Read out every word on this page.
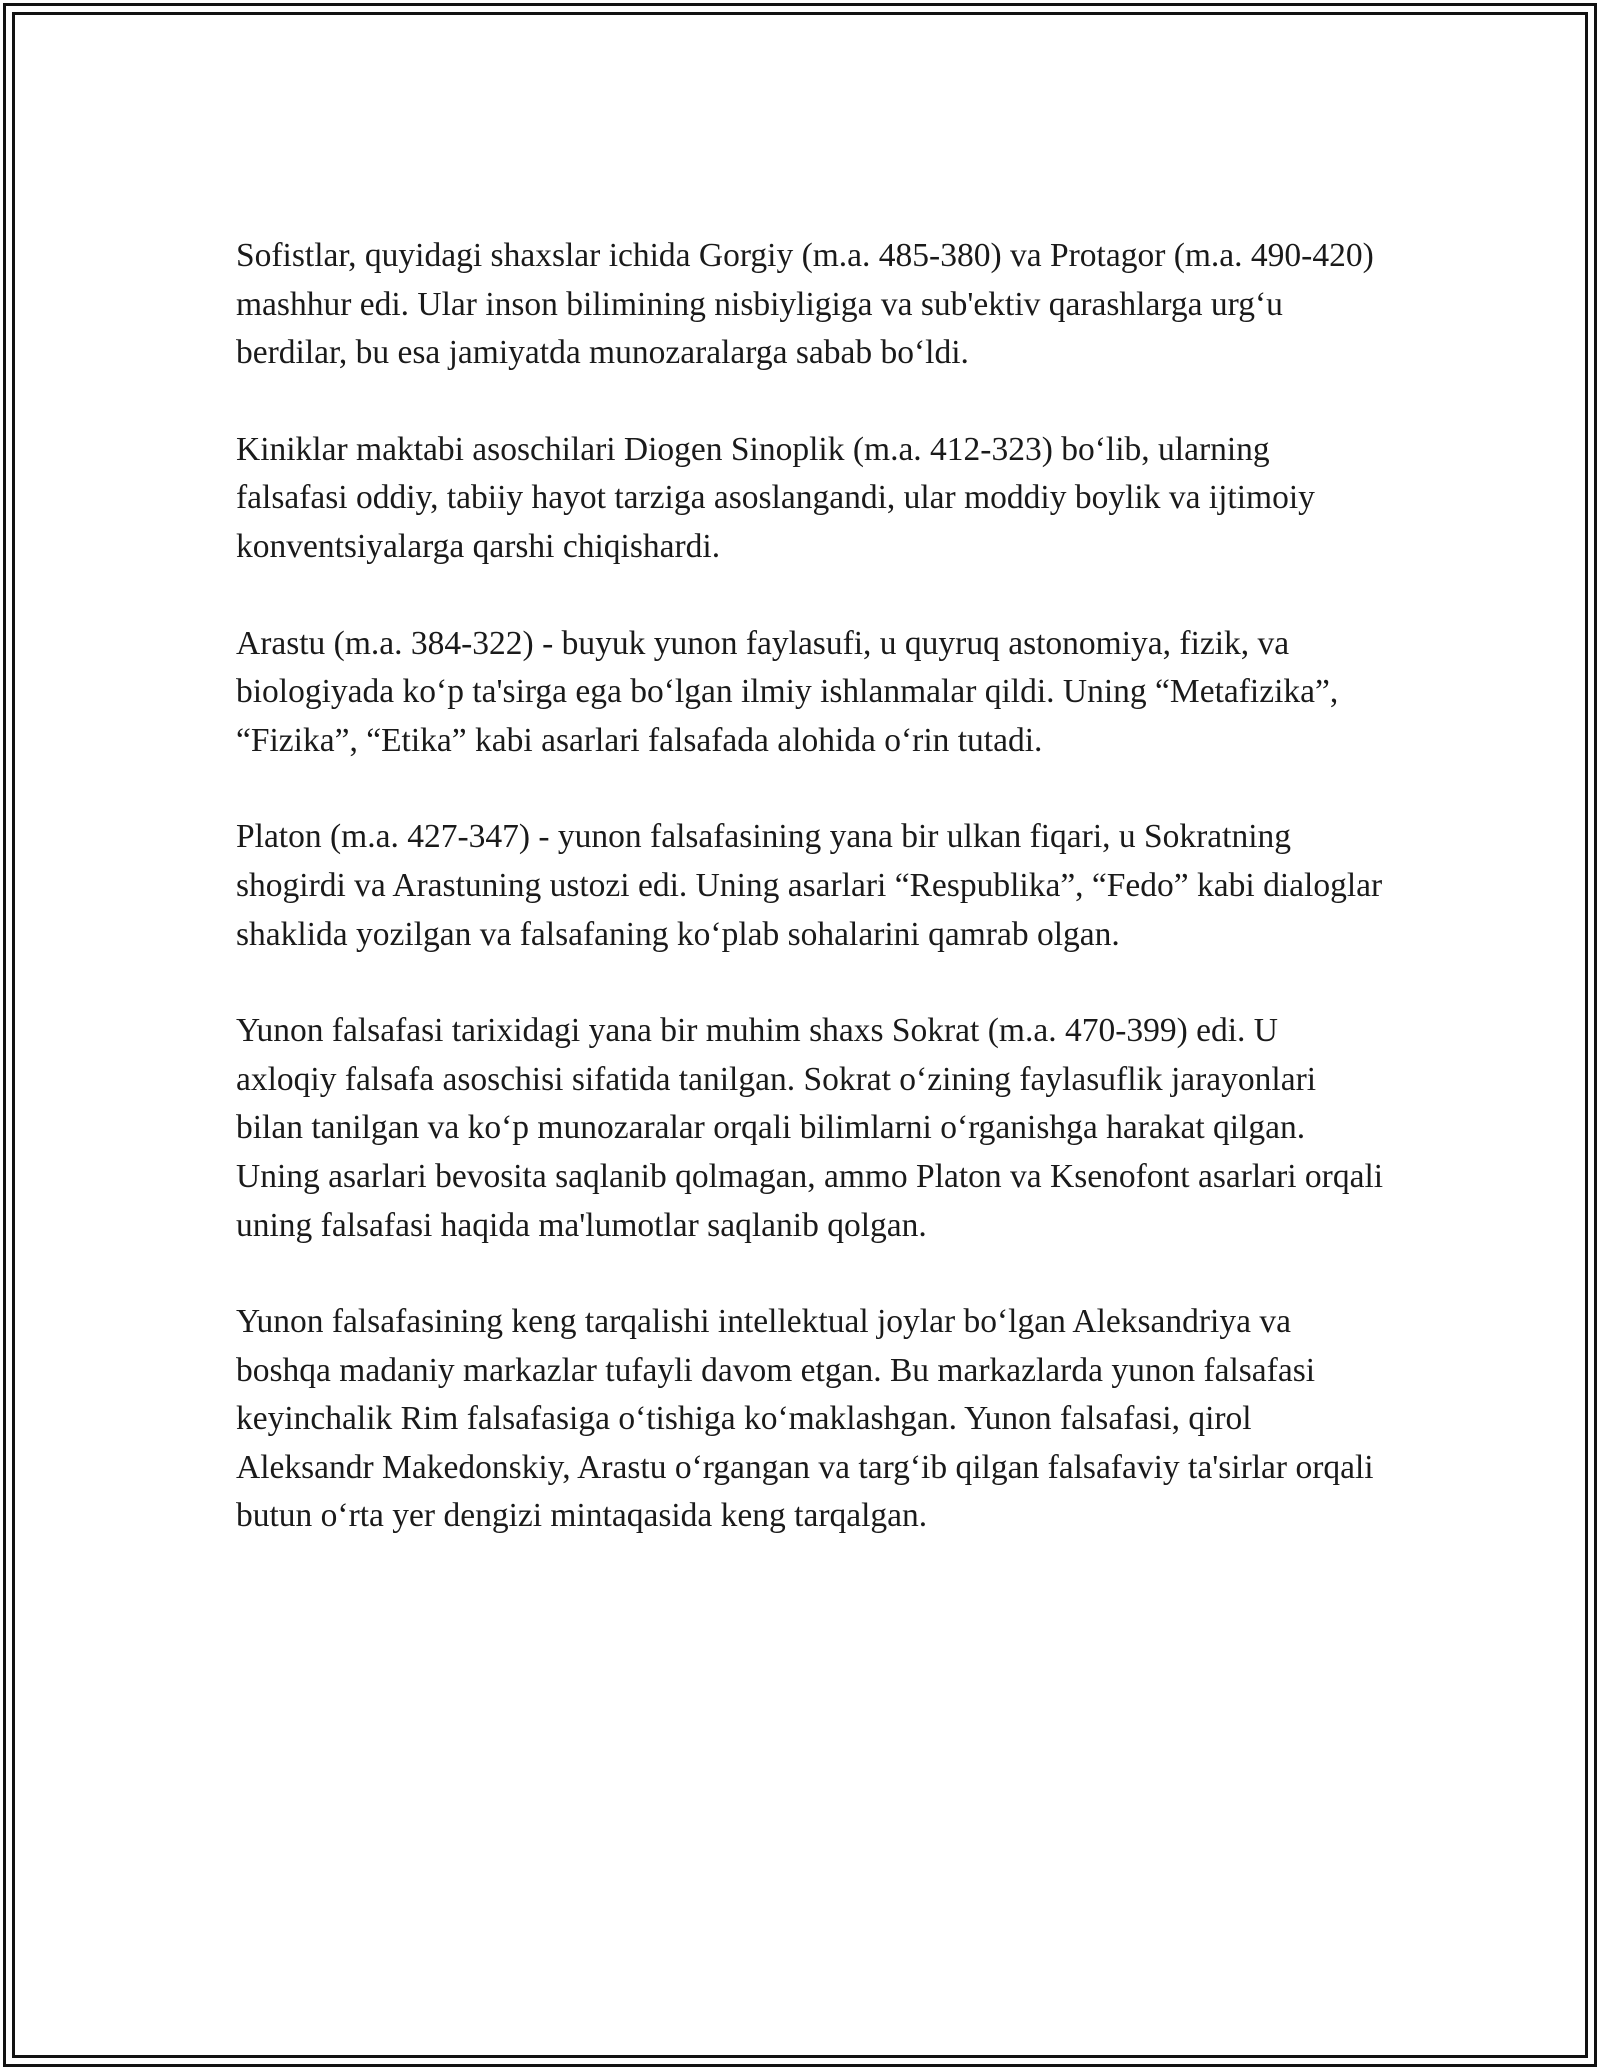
Sofistlar, quyidagi shaxslar ichida Gorgiy (m.a. 485-380) va Protagor (m.a. 490-420) mashhur edi. Ular inson bilimining nisbiyligiga va sub'ektiv qarashlarga urg‘u berdilar, bu esa jamiyatda munozaralarga sabab bo‘ldi.

Kiniklar maktabi asoschilari Diogen Sinoplik (m.a. 412-323) bo‘lib, ularning falsafasi oddiy, tabiiy hayot tarziga asoslangandi, ular moddiy boylik va ijtimoiy konventsiyalarga qarshi chiqishardi.

Arastu (m.a. 384-322) - buyuk yunon faylasufi, u quyruq astonomiya, fizik, va biologiyada ko‘p ta'sirga ega bo‘lgan ilmiy ishlanmalar qildi. Uning “Metafizika”, “Fizika”, “Etika” kabi asarlari falsafada alohida o‘rin tutadi.

Platon (m.a. 427-347) - yunon falsafasining yana bir ulkan fiqari, u Sokratning shogirdi va Arastuning ustozi edi. Uning asarlari “Respublika”, “Fedo” kabi dialoglar shaklida yozilgan va falsafaning ko‘plab sohalarini qamrab olgan.

Yunon falsafasi tarixidagi yana bir muhim shaxs Sokrat (m.a. 470-399) edi. U axloqiy falsafa asoschisi sifatida tanilgan. Sokrat o‘zining faylasuflik jarayonlari bilan tanilgan va ko‘p munozaralar orqali bilimlarni o‘rganishga harakat qilgan. Uning asarlari bevosita saqlanib qolmagan, ammo Platon va Ksenofont asarlari orqali uning falsafasi haqida ma'lumotlar saqlanib qolgan.

Yunon falsafasining keng tarqalishi intellektual joylar bo‘lgan Aleksandriya va boshqa madaniy markazlar tufayli davom etgan. Bu markazlarda yunon falsafasi keyinchalik Rim falsafasiga o‘tishiga ko‘maklashgan. Yunon falsafasi, qirol Aleksandr Makedonskiy, Arastu o‘rgangan va targ‘ib qilgan falsafaviy ta'sirlar orqali butun o‘rta yer dengizi mintaqasida keng tarqalgan.
